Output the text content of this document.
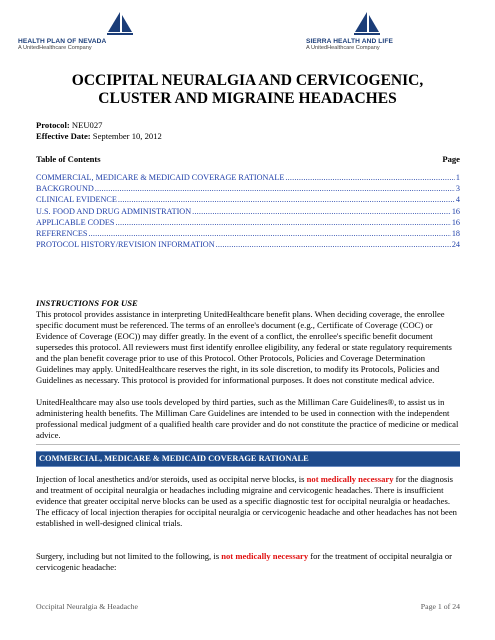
HEALTH PLAN OF NEVADA
A UnitedHealthcare Company
SIERRA HEALTH AND LIFE
A UnitedHealthcare Company
OCCIPITAL NEURALGIA AND CERVICOGENIC,
CLUSTER AND MIGRAINE HEADACHES
Protocol: NEU027
Effective Date: September 10, 2012
Table of Contents	Page
COMMERCIAL, MEDICARE & MEDICAID COVERAGE RATIONALE .....	1
BACKGROUND .....	3
CLINICAL EVIDENCE .....	4
U.S. FOOD AND DRUG ADMINISTRATION .....	16
APPLICABLE CODES .....	16
REFERENCES .....	18
PROTOCOL HISTORY/REVISION INFORMATION .....	24
INSTRUCTIONS FOR USE
This protocol provides assistance in interpreting UnitedHealthcare benefit plans. When deciding coverage, the enrollee specific document must be referenced. The terms of an enrollee's document (e.g., Certificate of Coverage (COC) or Evidence of Coverage (EOC)) may differ greatly. In the event of a conflict, the enrollee's specific benefit document supersedes this protocol. All reviewers must first identify enrollee eligibility, any federal or state regulatory requirements and the plan benefit coverage prior to use of this Protocol. Other Protocols, Policies and Coverage Determination Guidelines may apply. UnitedHealthcare reserves the right, in its sole discretion, to modify its Protocols, Policies and Guidelines as necessary. This protocol is provided for informational purposes. It does not constitute medical advice.
UnitedHealthcare may also use tools developed by third parties, such as the Milliman Care Guidelines®, to assist us in administering health benefits. The Milliman Care Guidelines are intended to be used in connection with the independent professional medical judgment of a qualified health care provider and do not constitute the practice of medicine or medical advice.
COMMERCIAL, MEDICARE & MEDICAID COVERAGE RATIONALE
Injection of local anesthetics and/or steroids, used as occipital nerve blocks, is not medically necessary for the diagnosis and treatment of occipital neuralgia or headaches including migraine and cervicogenic headaches. There is insufficient evidence that greater occipital nerve blocks can be used as a specific diagnostic test for occipital neuralgia or headaches. The efficacy of local injection therapies for occipital neuralgia or cervicogenic headache and other headaches has not been established in well-designed clinical trials.
Surgery, including but not limited to the following, is not medically necessary for the treatment of occipital neuralgia or cervicogenic headache:
Occipital Neuralgia & Headache	Page 1 of 24
